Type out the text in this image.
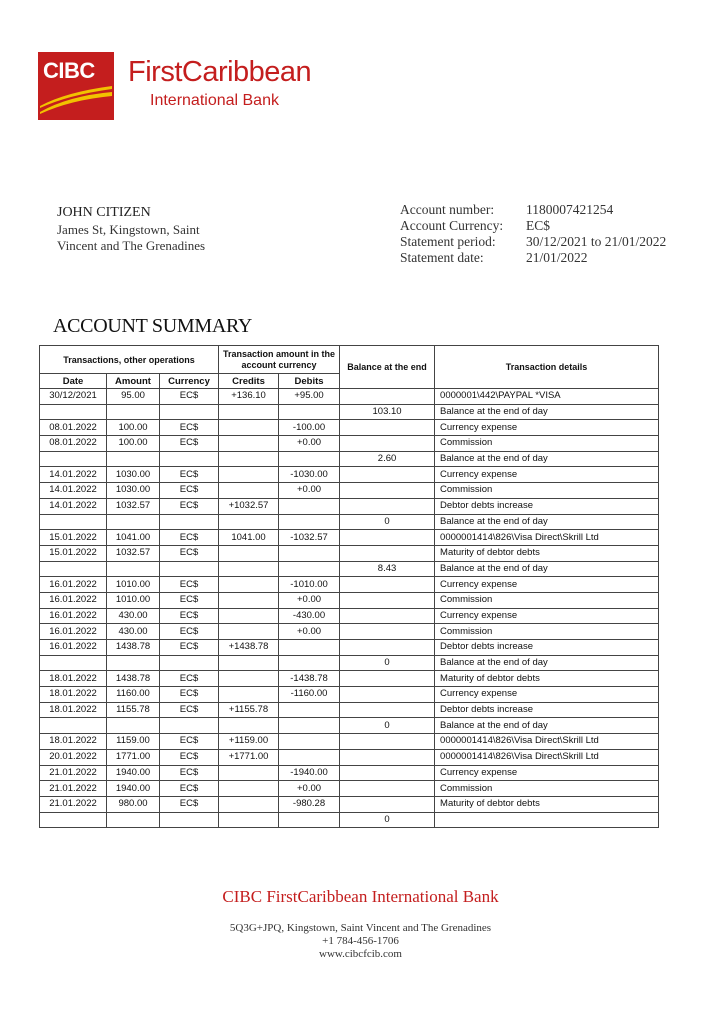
CIBC FirstCaribbean
International Bank
JOHN CITIZEN
James St, Kingstown, Saint
Vincent and The Grenadines
Account number:	1180007421254
Account Currency:	EC$
Statement period:	30/12/2021 to 21/01/2022
Statement date:	21/01/2022
ACCOUNT SUMMARY
Transactions, other operations			Transaction amount in the account currency		Balance at the end	Transaction details
Date	Amount	Currency	Credits	Debits		
30/12/2021	95.00	EC$	+136.10	+95.00		0000001\442\PAYPAL *VISA
					103.10	Balance at the end of day
08.01.2022	100.00	EC$		-100.00		Currency expense
08.01.2022	100.00	EC$		+0.00		Commission
					2.60	Balance at the end of day
14.01.2022	1030.00	EC$		-1030.00		Currency expense
14.01.2022	1030.00	EC$		+0.00		Commission
14.01.2022	1032.57	EC$	+1032.57			Debtor debts increase
					0	Balance at the end of day
15.01.2022	1041.00	EC$	1041.00	-1032.57		0000001414\826\Visa Direct\Skrill Ltd
15.01.2022	1032.57	EC$				Maturity of debtor debts
					8.43	Balance at the end of day
16.01.2022	1010.00	EC$		-1010.00		Currency expense
16.01.2022	1010.00	EC$		+0.00		Commission
16.01.2022	430.00	EC$		-430.00		Currency expense
16.01.2022	430.00	EC$		+0.00		Commission
16.01.2022	1438.78	EC$	+1438.78			Debtor debts increase
					0	Balance at the end of day
18.01.2022	1438.78	EC$		-1438.78		Maturity of debtor debts
18.01.2022	1160.00	EC$		-1160.00		Currency expense
18.01.2022	1155.78	EC$	+1155.78			Debtor debts increase
					0	Balance at the end of day
18.01.2022	1159.00	EC$	+1159.00			0000001414\826\Visa Direct\Skrill Ltd
20.01.2022	1771.00	EC$	+1771.00			0000001414\826\Visa Direct\Skrill Ltd
21.01.2022	1940.00	EC$		-1940.00		Currency expense
21.01.2022	1940.00	EC$		+0.00		Commission
21.01.2022	980.00	EC$		-980.28		Maturity of debtor debts
					0	
CIBC FirstCaribbean International Bank
5Q3G+JPQ, Kingstown, Saint Vincent and The Grenadines
+1 784-456-1706
www.cibcfcib.com
